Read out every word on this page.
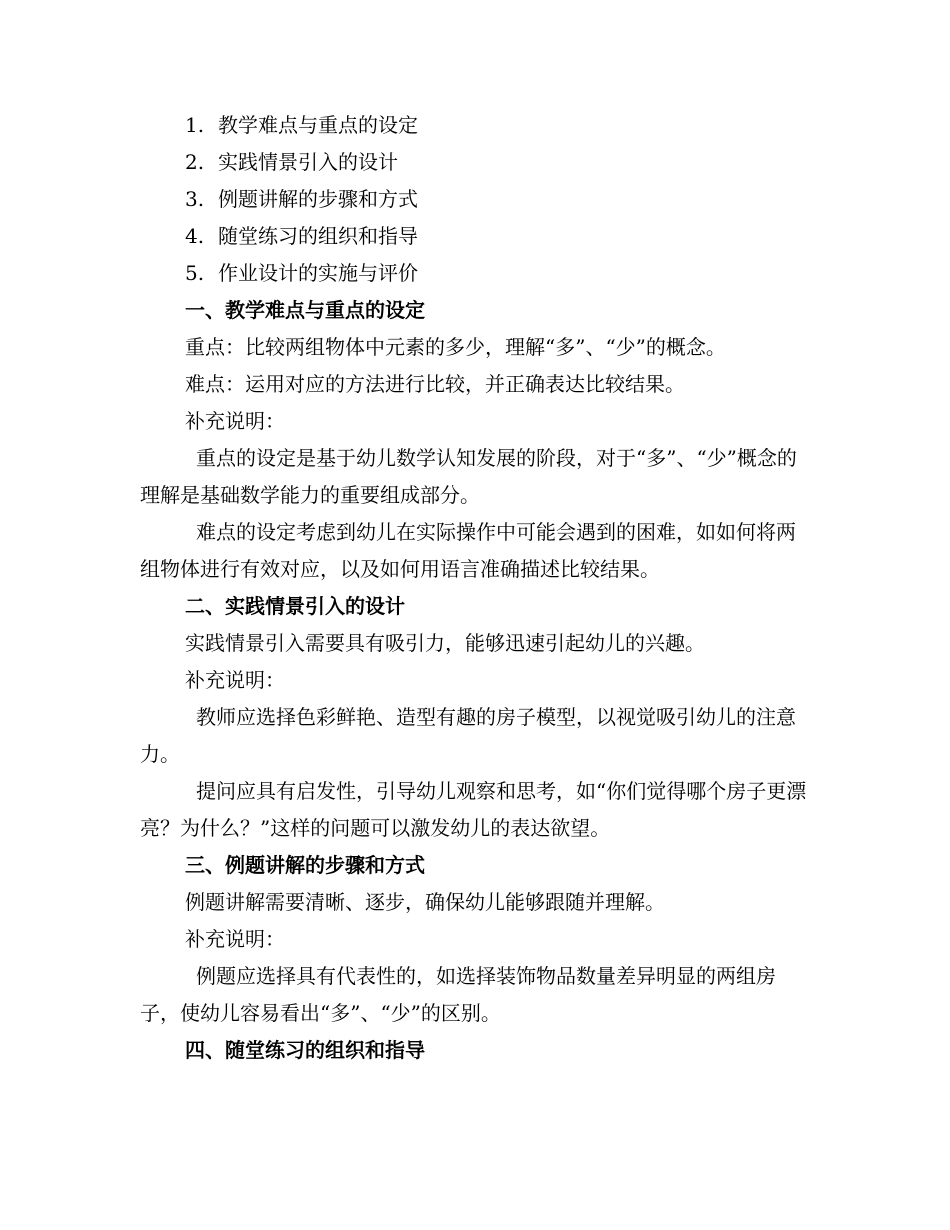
1. 教学难点与重点的设定
2. 实践情景引入的设计
3. 例题讲解的步骤和方式
4. 随堂练习的组织和指导
5. 作业设计的实施与评价
一、教学难点与重点的设定
重点：比较两组物体中元素的多少，理解“多”、“少”的概念。
难点：运用对应的方法进行比较，并正确表达比较结果。
补充说明：

重点的设定是基于幼儿数学认知发展的阶段，对于“多”、“少”概念的理解是基础数学能力的重要组成部分。

难点的设定考虑到幼儿在实际操作中可能会遇到的困难，如如何将两组物体进行有效对应，以及如何用语言准确描述比较结果。

二、实践情景引入的设计
实践情景引入需要具有吸引力，能够迅速引起幼儿的兴趣。
补充说明：

教师应选择色彩鲜艳、造型有趣的房子模型，以视觉吸引幼儿的注意力。

提问应具有启发性，引导幼儿观察和思考，如“你们觉得哪个房子更漂亮？为什么？”这样的问题可以激发幼儿的表达欲望。

三、例题讲解的步骤和方式
例题讲解需要清晰、逐步，确保幼儿能够跟随并理解。
补充说明：

例题应选择具有代表性的，如选择装饰物品数量差异明显的两组房子，使幼儿容易看出“多”、“少”的区别。

四、随堂练习的组织和指导
